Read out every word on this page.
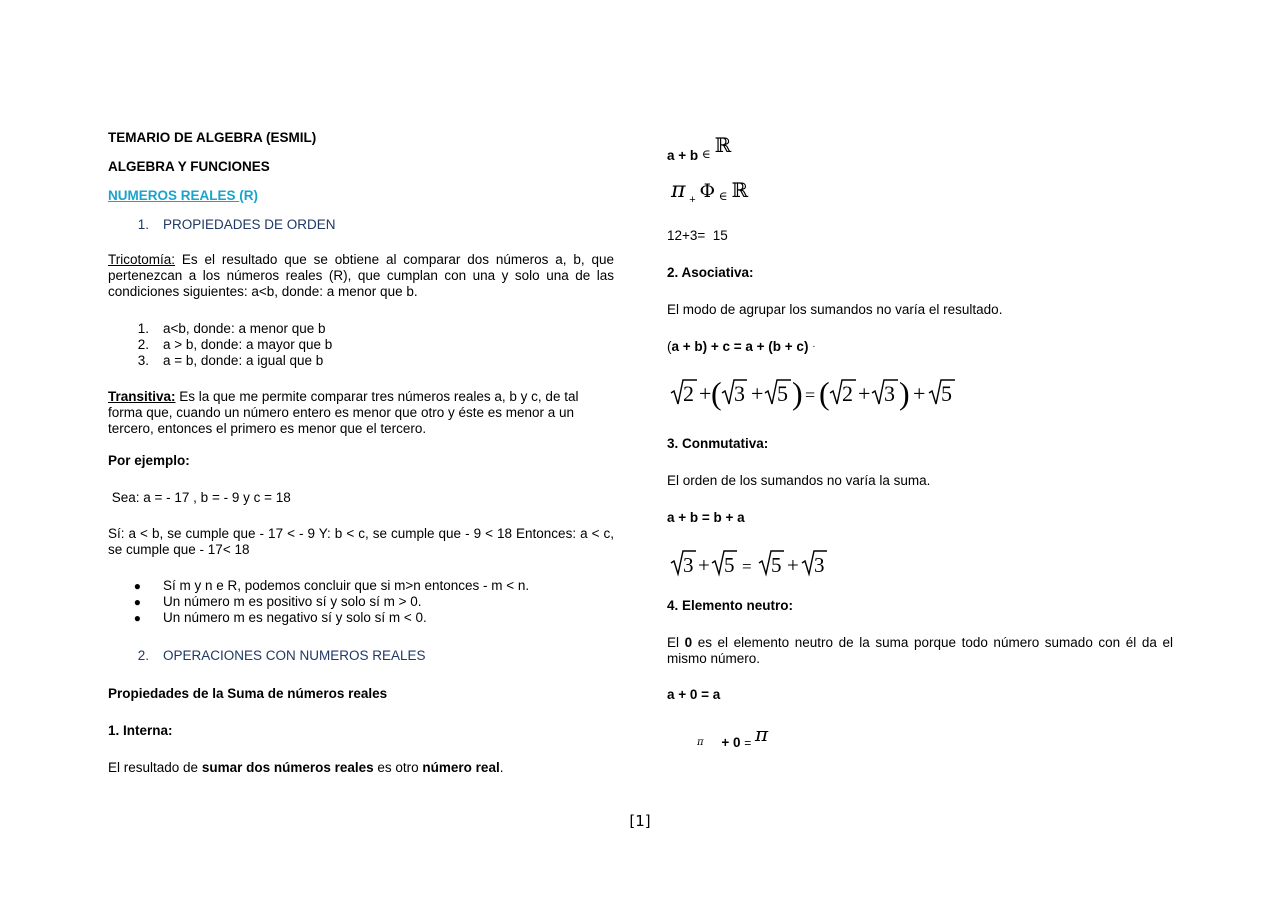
TEMARIO DE ALGEBRA (ESMIL)
ALGEBRA Y FUNCIONES
NUMEROS REALES (R)
1.	PROPIEDADES DE ORDEN
Tricotomía: Es el resultado que se obtiene al comparar dos números a, b, que pertenezcan a los números reales (R), que cumplan con una y solo una de las condiciones siguientes: a<b, donde: a menor que b.
1.	a<b, donde: a menor que b
2.	a > b, donde: a mayor que b
3.	a = b, donde: a igual que b
Transitiva: Es la que me permite comparar tres números reales a, b y c, de tal forma que, cuando un número entero es menor que otro y éste es menor a un tercero, entonces el primero es menor que el tercero.
Por ejemplo:
Sea: a = - 17 , b = - 9 y c = 18
Sí: a < b, se cumple que - 17 < - 9 Y: b < c, se cumple que - 9 < 18 Entonces: a < c, se cumple que - 17< 18
●	Sí m y n e R, podemos concluir que si m>n entonces - m < n.
●	Un número m es positivo sí y solo sí m > 0.
●	Un número m es negativo sí y solo sí m < 0.
2.	OPERACIONES CON NUMEROS REALES
Propiedades de la Suma de números reales
1. Interna:
El resultado de sumar dos números reales es otro número real.
a + b ∈ ℝ
π $_+$ Φ ∈ ℝ
12+3=  15
2. Asociativa:
El modo de agrupar los sumandos no varía el resultado.
(a + b) + c = a + (b + c) ·
2 + ( 3 + 5 ) = ( 2 + 3 ) + 5
3. Conmutativa:
El orden de los sumandos no varía la suma.
a + b = b + a
3 + 5 = 5 + 3
4. Elemento neutro:
El 0 es el elemento neutro de la suma porque todo número sumado con él da el mismo número.
a + 0 = a
π + 0 = π
[1]
